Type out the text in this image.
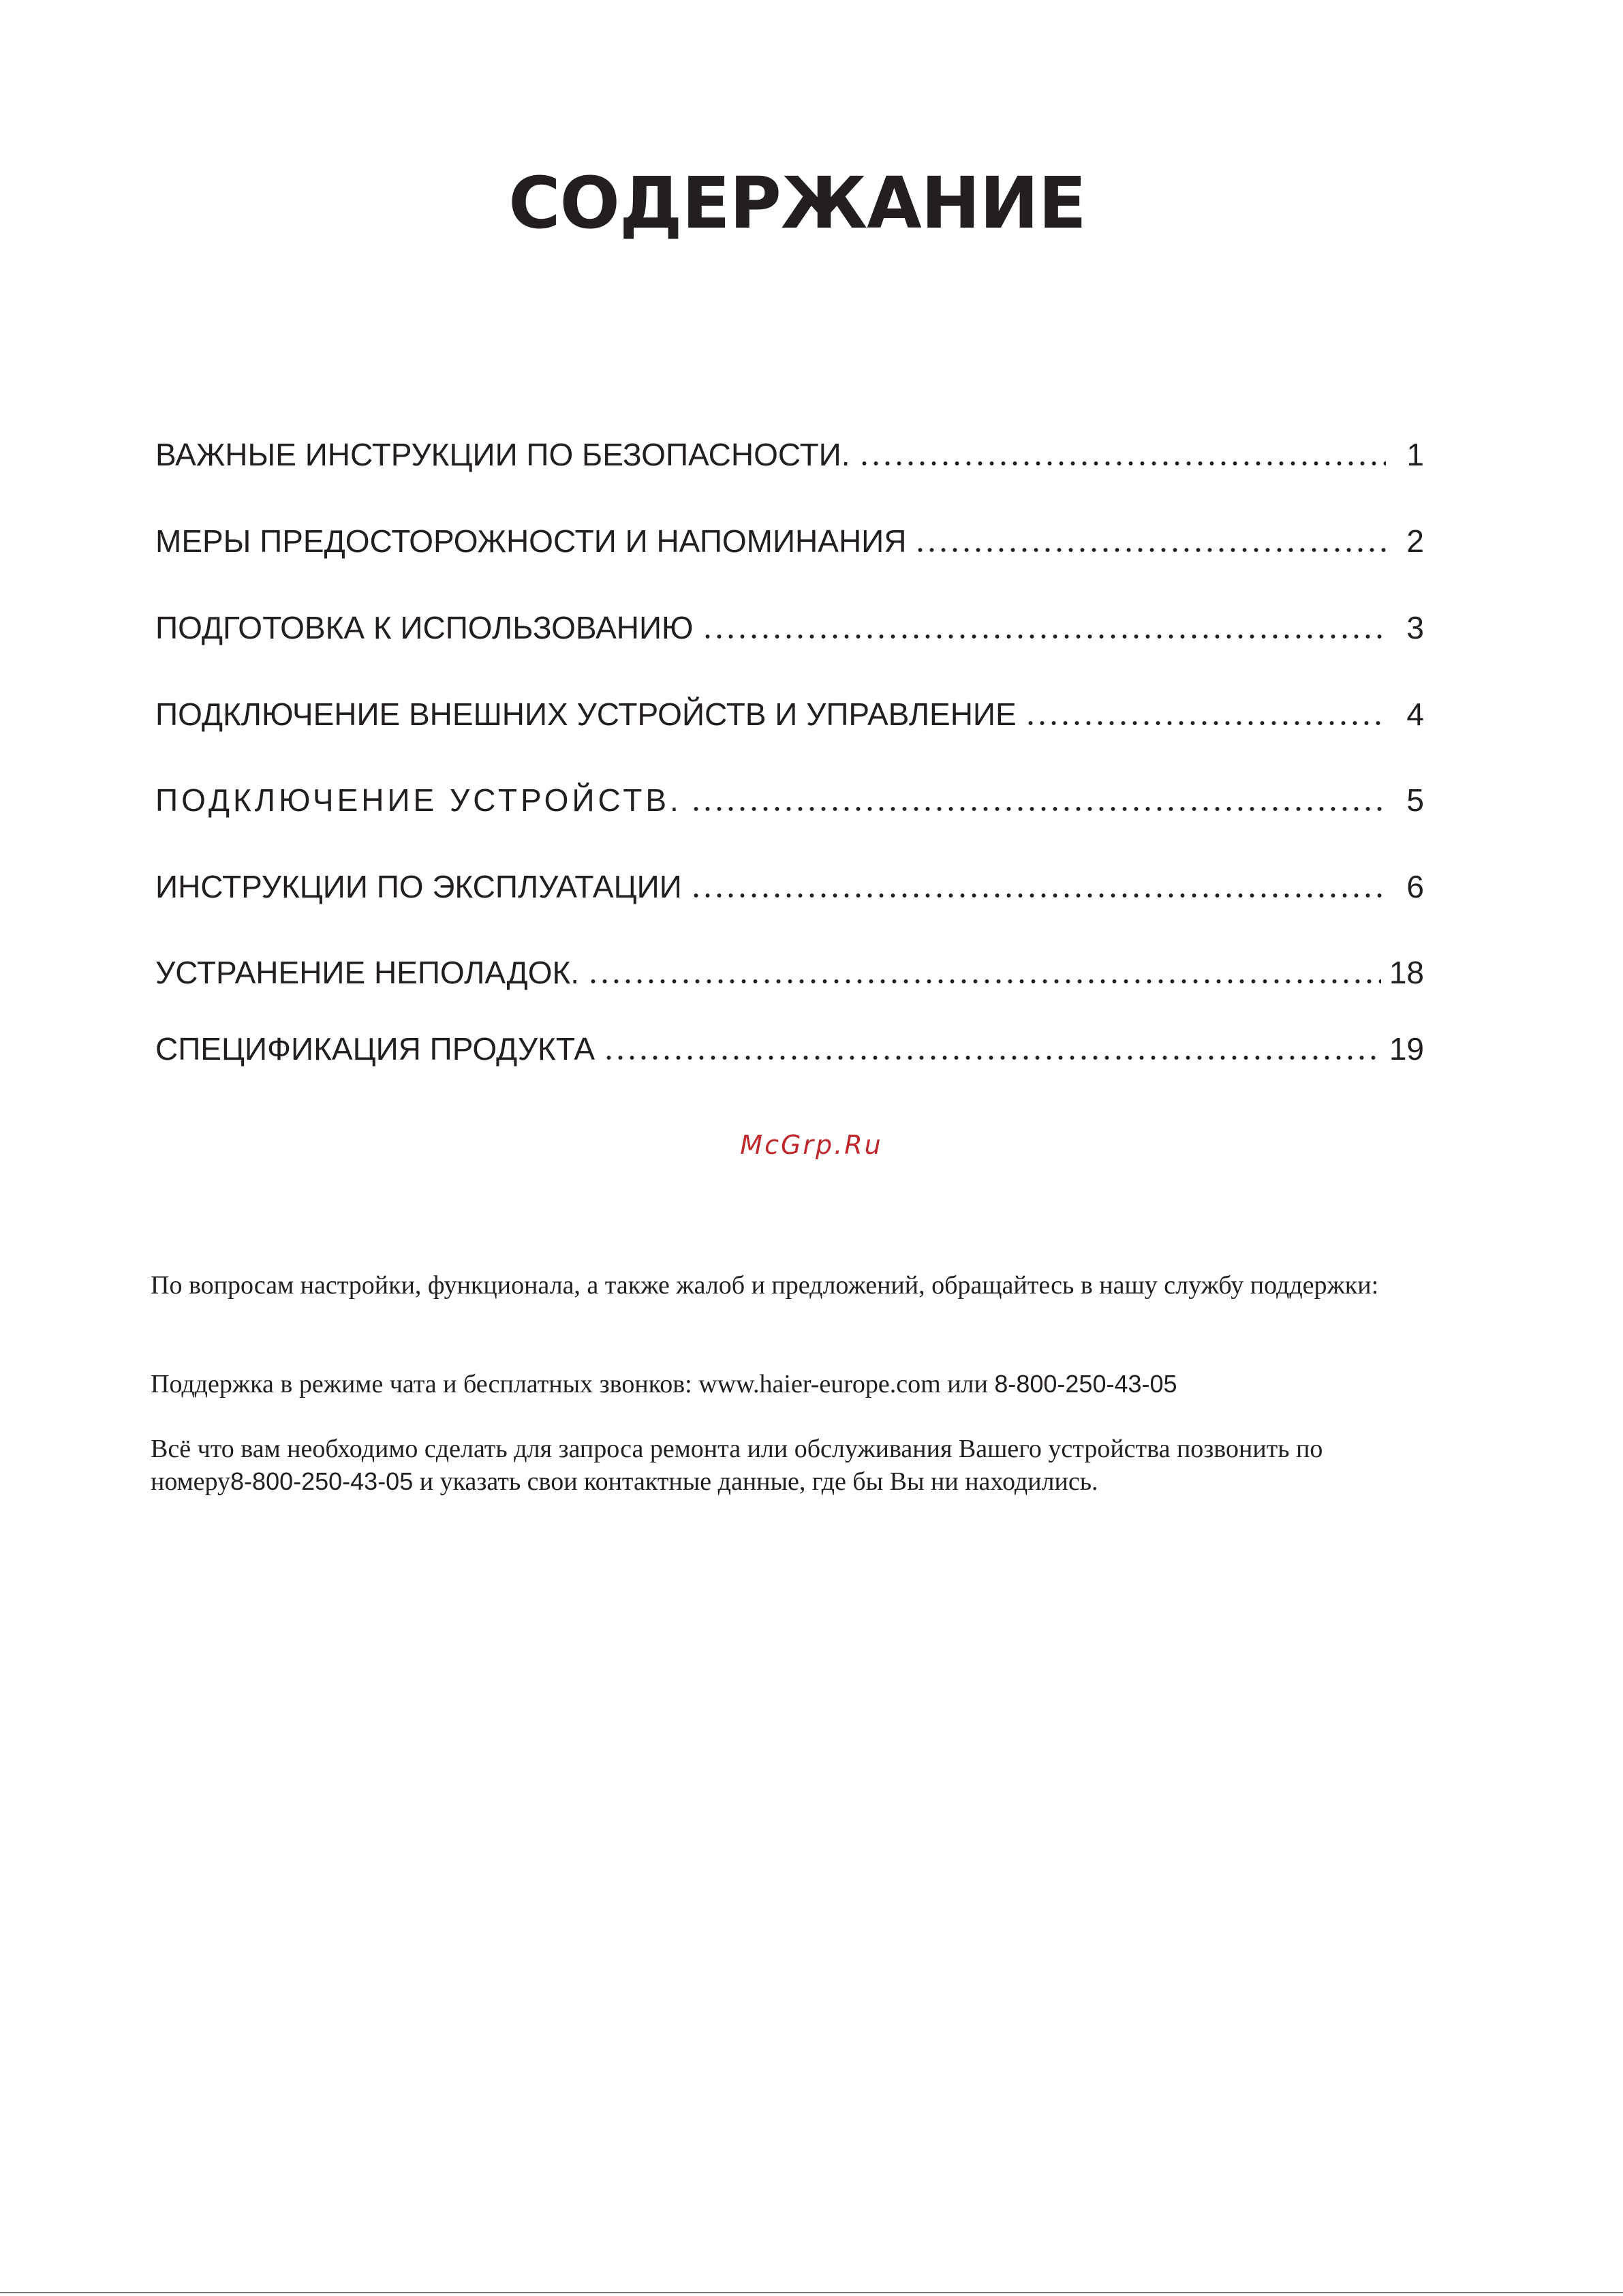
СОДЕРЖАНИЕ
ВАЖНЫЕ ИНСТРУКЦИИ ПО БЕЗОПАСНОСТИ.	1
МЕРЫ ПРЕДОСТОРОЖНОСТИ И НАПОМИНАНИЯ	2
ПОДГОТОВКА К ИСПОЛЬЗОВАНИЮ	3
ПОДКЛЮЧЕНИЕ ВНЕШНИХ УСТРОЙСТВ И УПРАВЛЕНИЕ	4
ПОДКЛЮЧЕНИЕ УСТРОЙСТВ.	5
ИНСТРУКЦИИ ПО ЭКСПЛУАТАЦИИ	6
УСТРАНЕНИЕ НЕПОЛАДОК.	18
СПЕЦИФИКАЦИЯ ПРОДУКТА	19
McGrp.Ru

По вопросам настройки, функционала, а также жалоб и предложений, обращайтесь в нашу службу поддержки:

Поддержка в режиме чата и бесплатных звонков: www.haier-europe.com или 8-800-250-43-05

Всё что вам необходимо сделать для запроса ремонта или обслуживания Вашего устройства позвонить по

номеру8-800-250-43-05 и указать свои контактные данные, где бы Вы ни находились.
